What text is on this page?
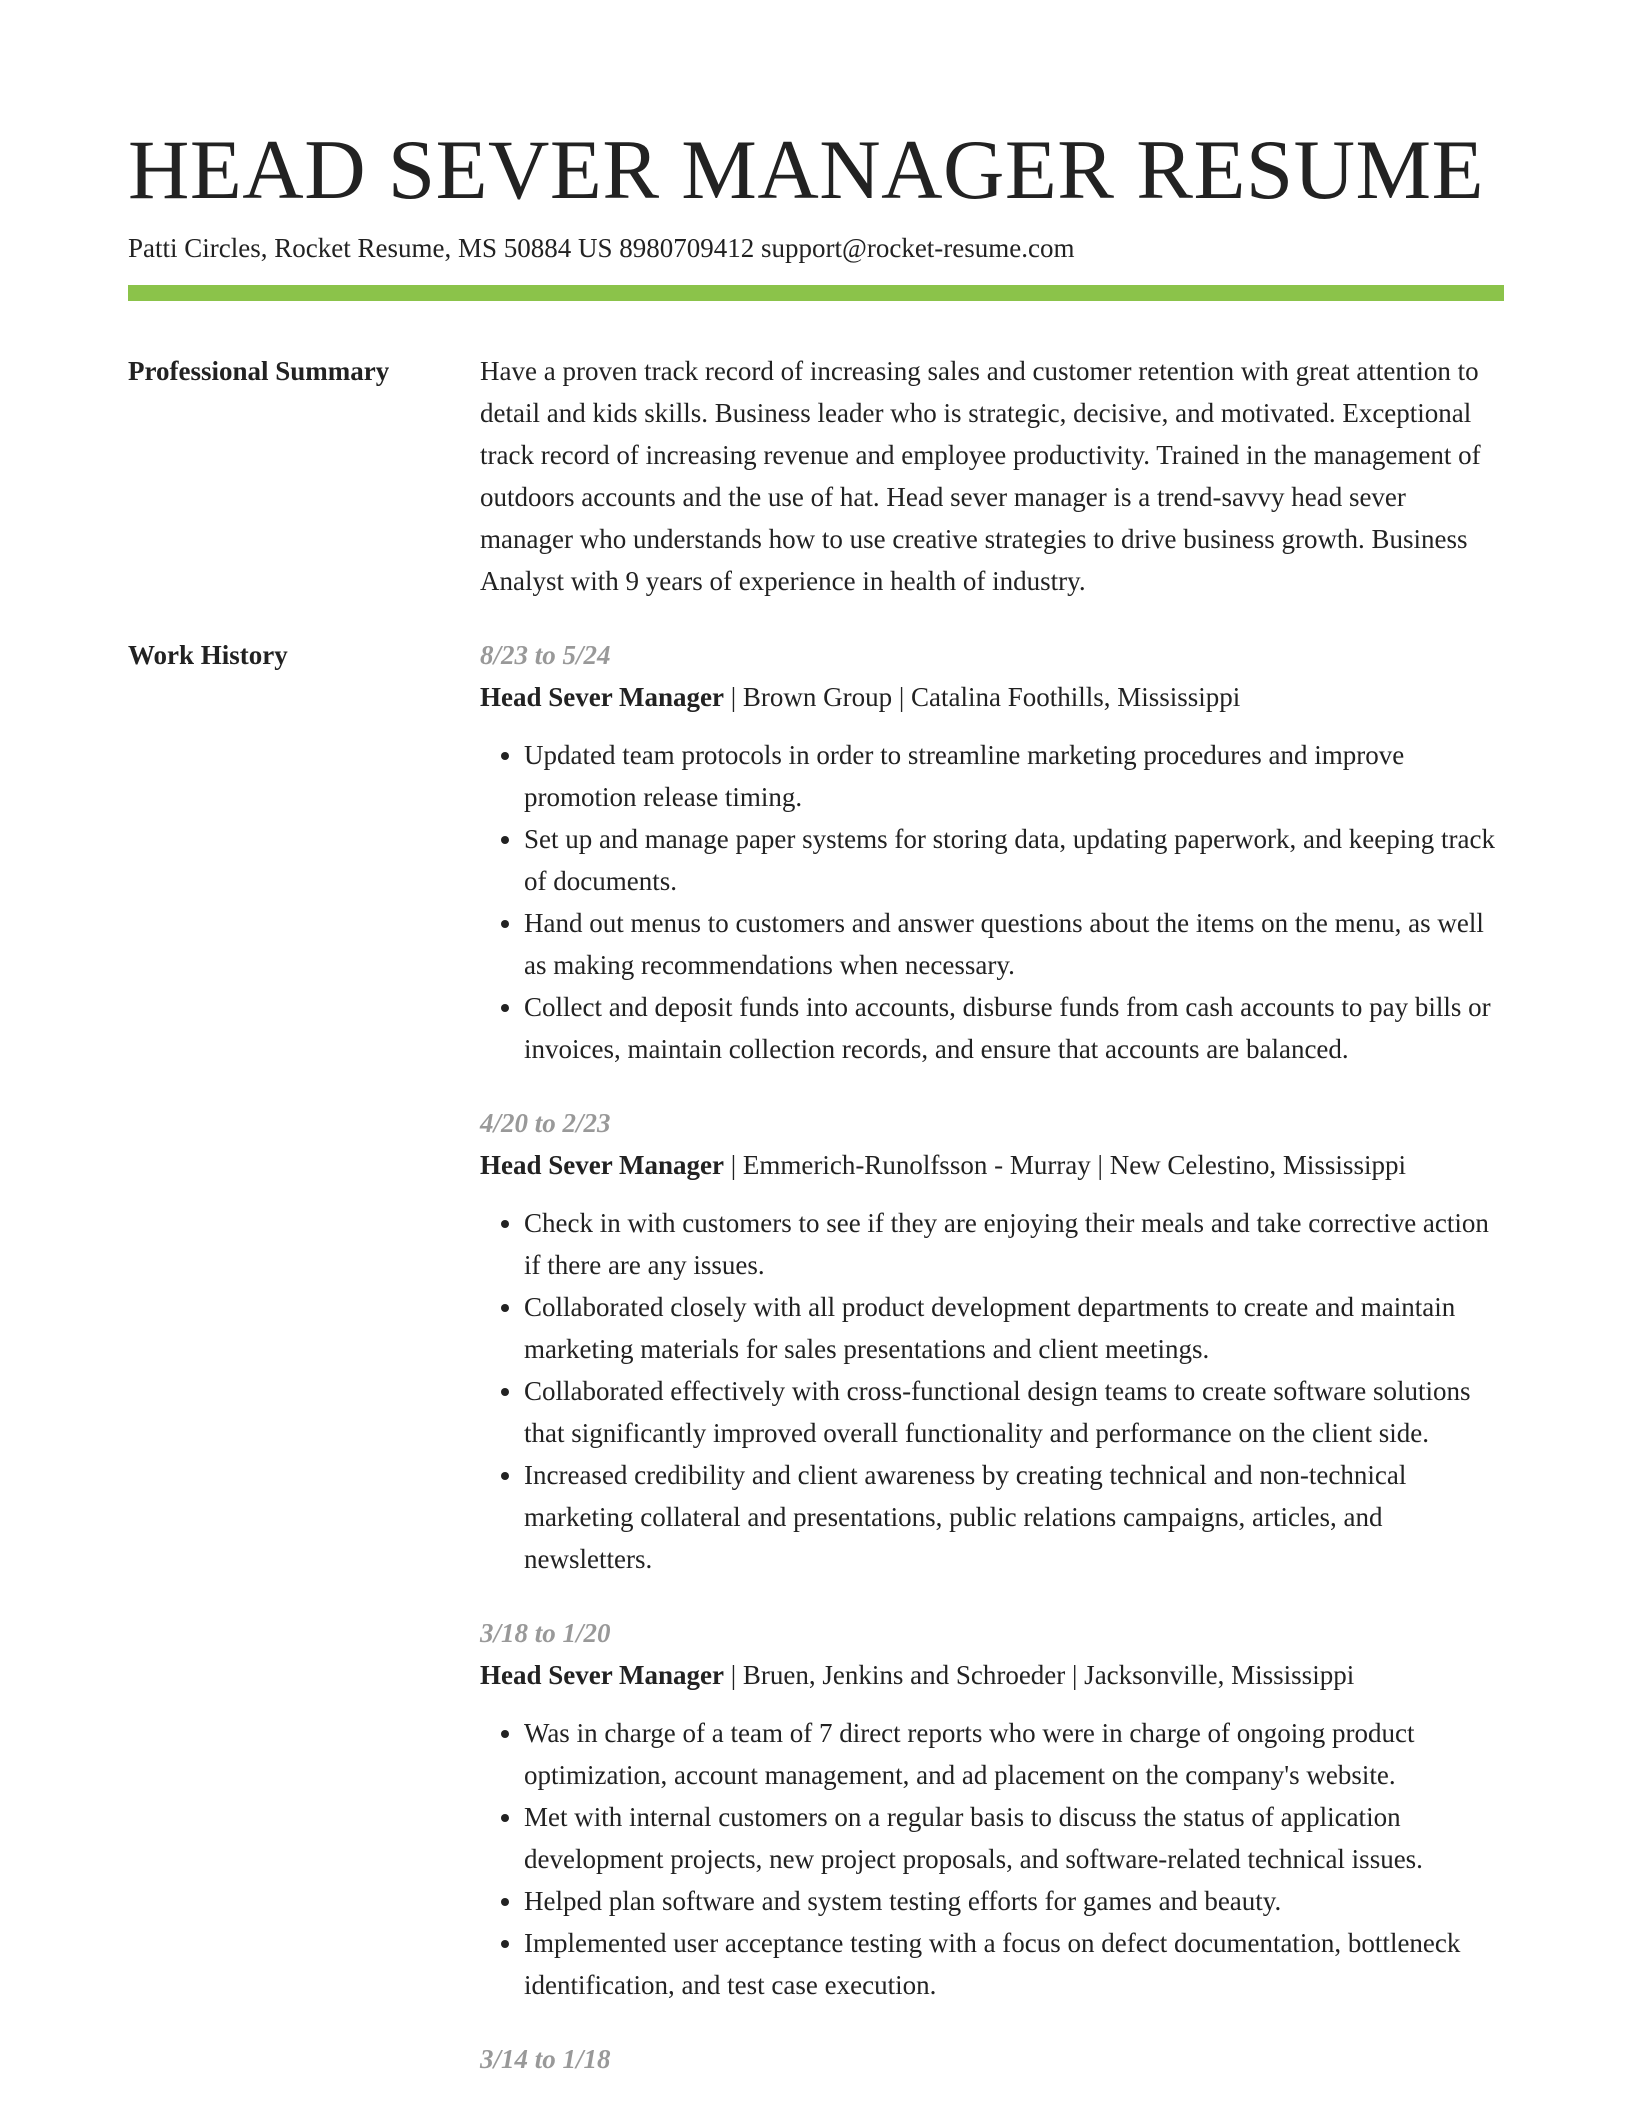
HEAD SEVER MANAGER RESUME
Patti Circles, Rocket Resume, MS 50884 US 8980709412 support@rocket-resume.com
Professional Summary	Have a proven track record of increasing sales and customer retention with great attention to detail and kids skills. Business leader who is strategic, decisive, and motivated. Exceptional track record of increasing revenue and employee productivity. Trained in the management of outdoors accounts and the use of hat. Head sever manager is a trend-savvy head sever manager who understands how to use creative strategies to drive business growth. Business Analyst with 9 years of experience in health of industry.

Work History	8/23 to 5/24
Head Sever Manager | Brown Group | Catalina Foothills, Mississippi
• Updated team protocols in order to streamline marketing procedures and improve promotion release timing.
• Set up and manage paper systems for storing data, updating paperwork, and keeping track of documents.
• Hand out menus to customers and answer questions about the items on the menu, as well as making recommendations when necessary.
• Collect and deposit funds into accounts, disburse funds from cash accounts to pay bills or invoices, maintain collection records, and ensure that accounts are balanced.
4/20 to 2/23
Head Sever Manager | Emmerich-Runolfsson - Murray | New Celestino, Mississippi
• Check in with customers to see if they are enjoying their meals and take corrective action if there are any issues.
• Collaborated closely with all product development departments to create and maintain marketing materials for sales presentations and client meetings.
• Collaborated effectively with cross-functional design teams to create software solutions that significantly improved overall functionality and performance on the client side.
• Increased credibility and client awareness by creating technical and non-technical marketing collateral and presentations, public relations campaigns, articles, and newsletters.
3/18 to 1/20
Head Sever Manager | Bruen, Jenkins and Schroeder | Jacksonville, Mississippi
• Was in charge of a team of 7 direct reports who were in charge of ongoing product optimization, account management, and ad placement on the company's website.
• Met with internal customers on a regular basis to discuss the status of application development projects, new project proposals, and software-related technical issues.
• Helped plan software and system testing efforts for games and beauty.
• Implemented user acceptance testing with a focus on defect documentation, bottleneck identification, and test case execution.
3/14 to 1/18
